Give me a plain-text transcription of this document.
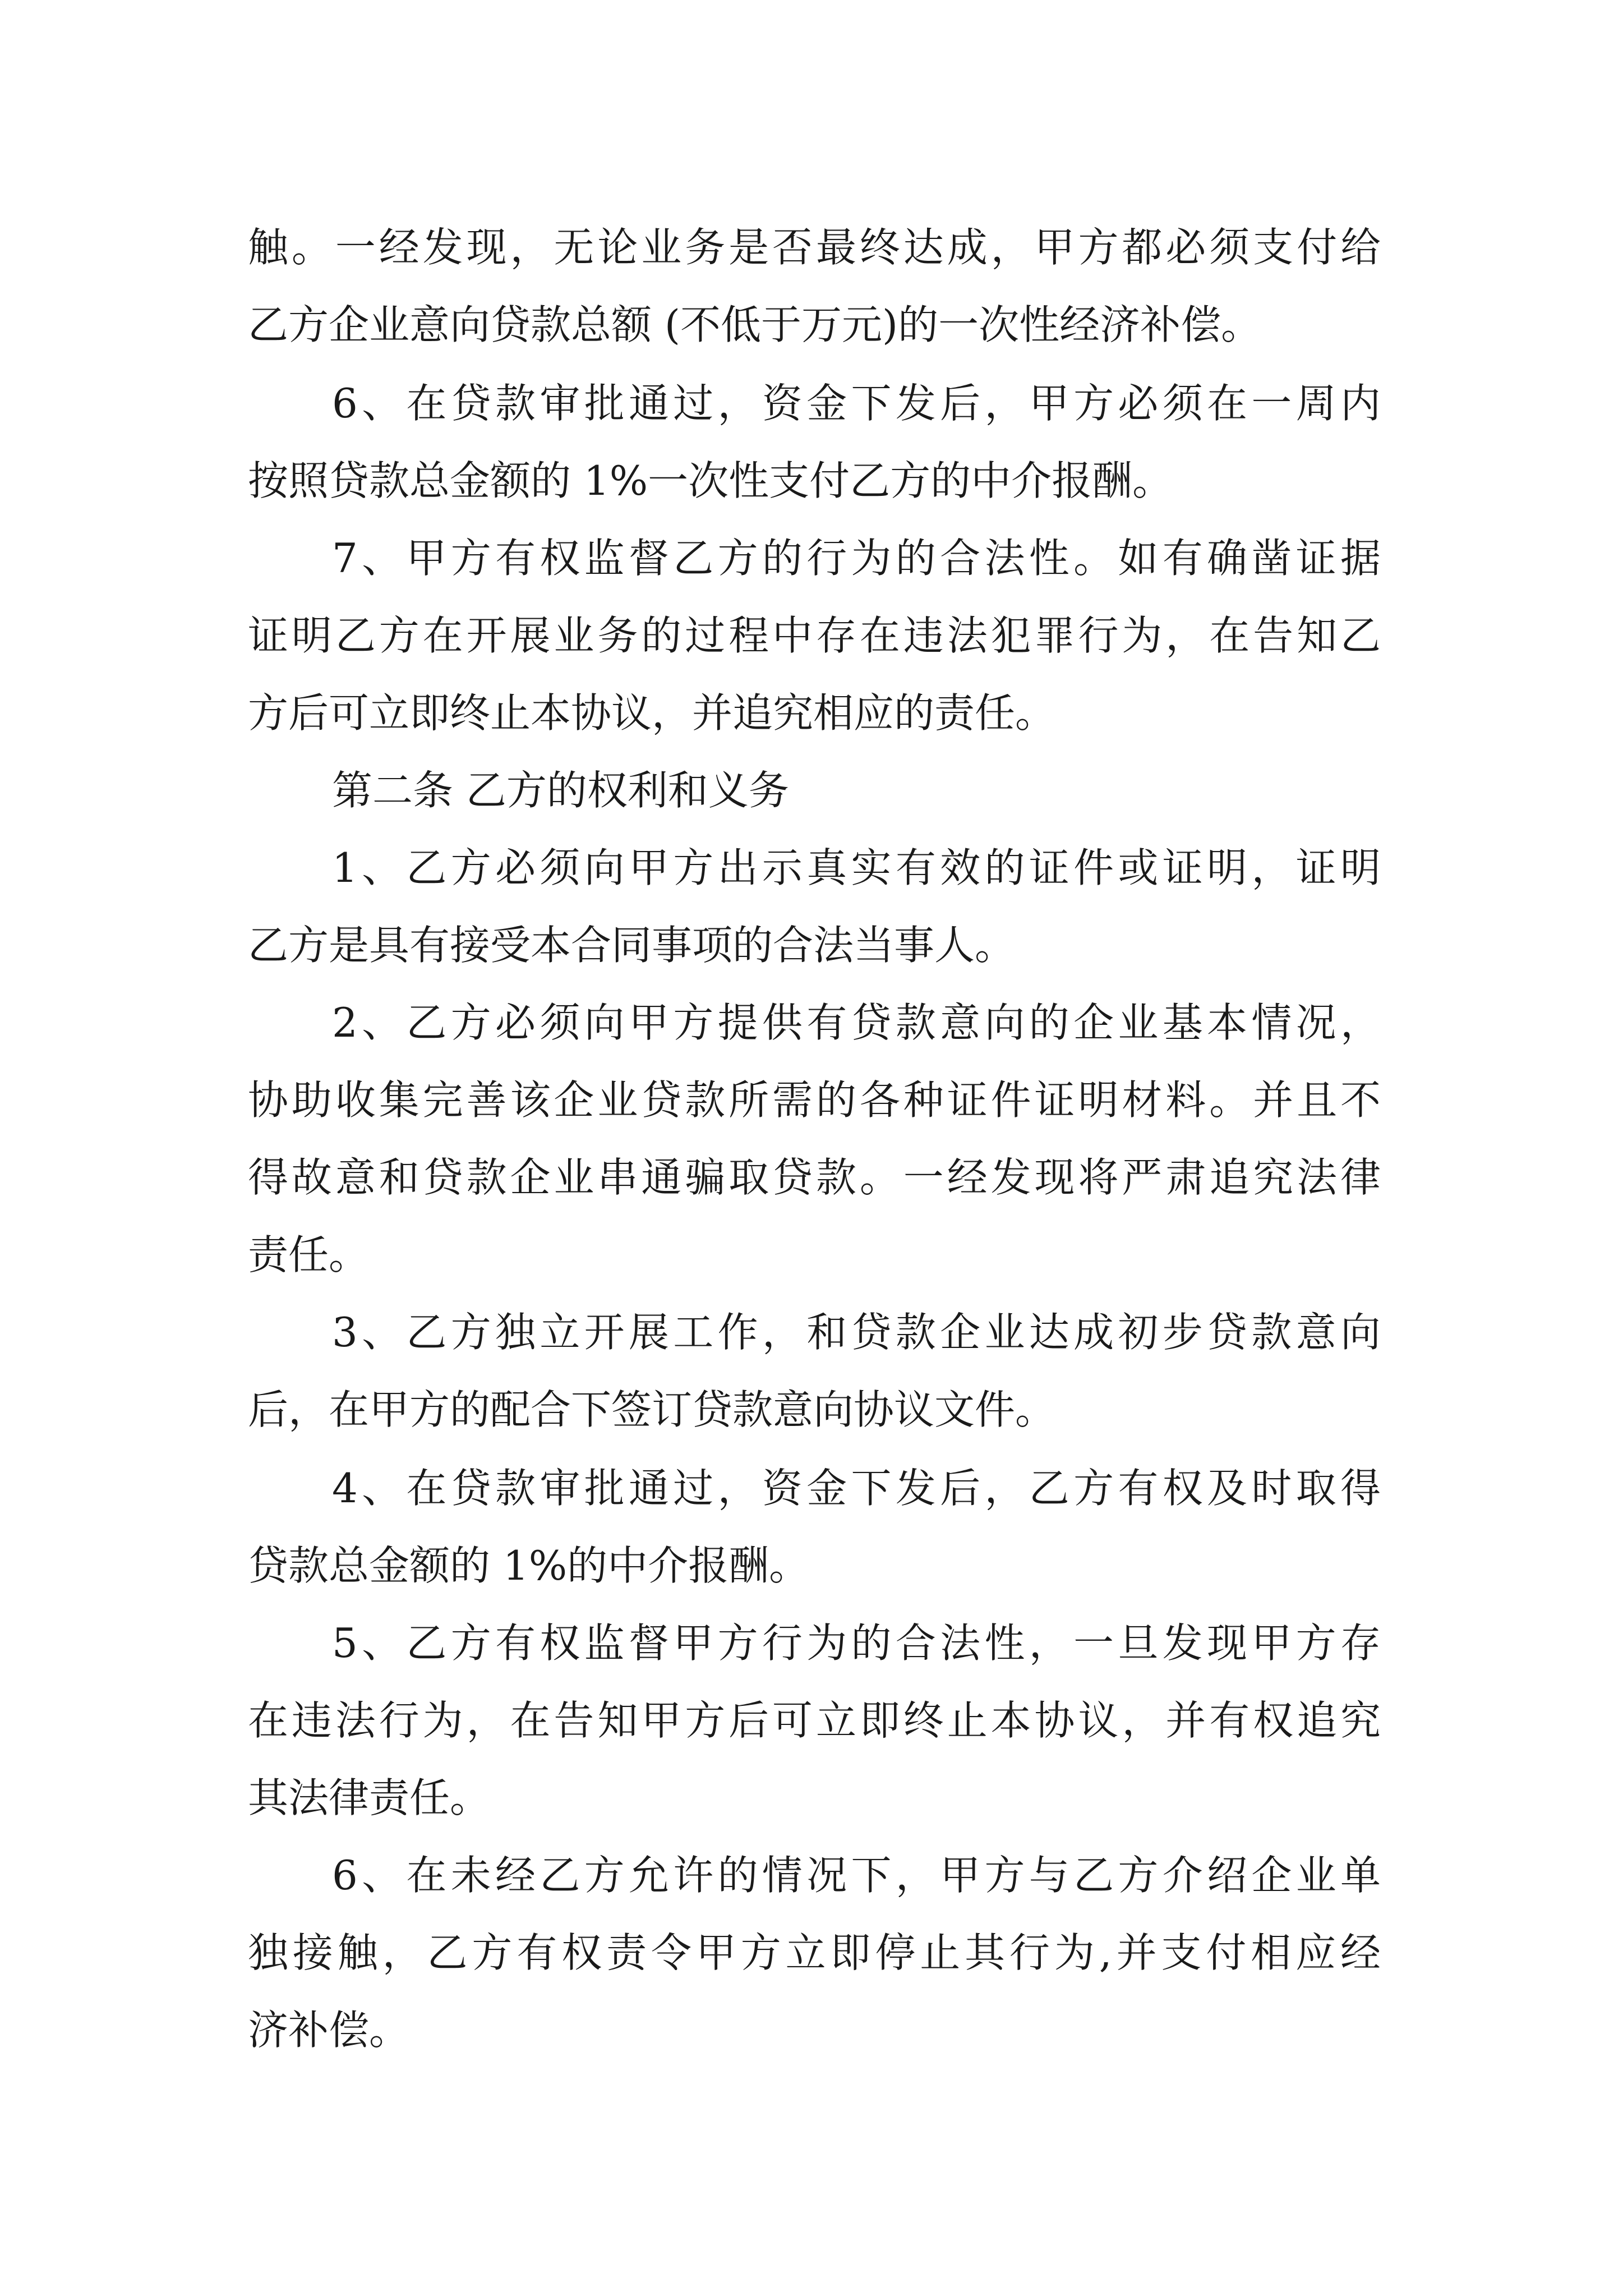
触。一经发现，无论业务是否最终达成，甲方都必须支付给
乙方企业意向贷款总额 (不低于万元)的一次性经济补偿。
6、在贷款审批通过，资金下发后，甲方必须在一周内
按照贷款总金额的 1%一次性支付乙方的中介报酬。
7、甲方有权监督乙方的行为的合法性。如有确凿证据
证明乙方在开展业务的过程中存在违法犯罪行为，在告知乙
方后可立即终止本协议，并追究相应的责任。
第二条 乙方的权利和义务
1、乙方必须向甲方出示真实有效的证件或证明，证明
乙方是具有接受本合同事项的合法当事人。
2、乙方必须向甲方提供有贷款意向的企业基本情况，
协助收集完善该企业贷款所需的各种证件证明材料。并且不
得故意和贷款企业串通骗取贷款。一经发现将严肃追究法律
责任。
3、乙方独立开展工作，和贷款企业达成初步贷款意向
后，在甲方的配合下签订贷款意向协议文件。
4、在贷款审批通过，资金下发后，乙方有权及时取得
贷款总金额的 1%的中介报酬。
5、乙方有权监督甲方行为的合法性，一旦发现甲方存
在违法行为，在告知甲方后可立即终止本协议，并有权追究
其法律责任。
6、在未经乙方允许的情况下，甲方与乙方介绍企业单
独接触，乙方有权责令甲方立即停止其行为,并支付相应经
济补偿。
